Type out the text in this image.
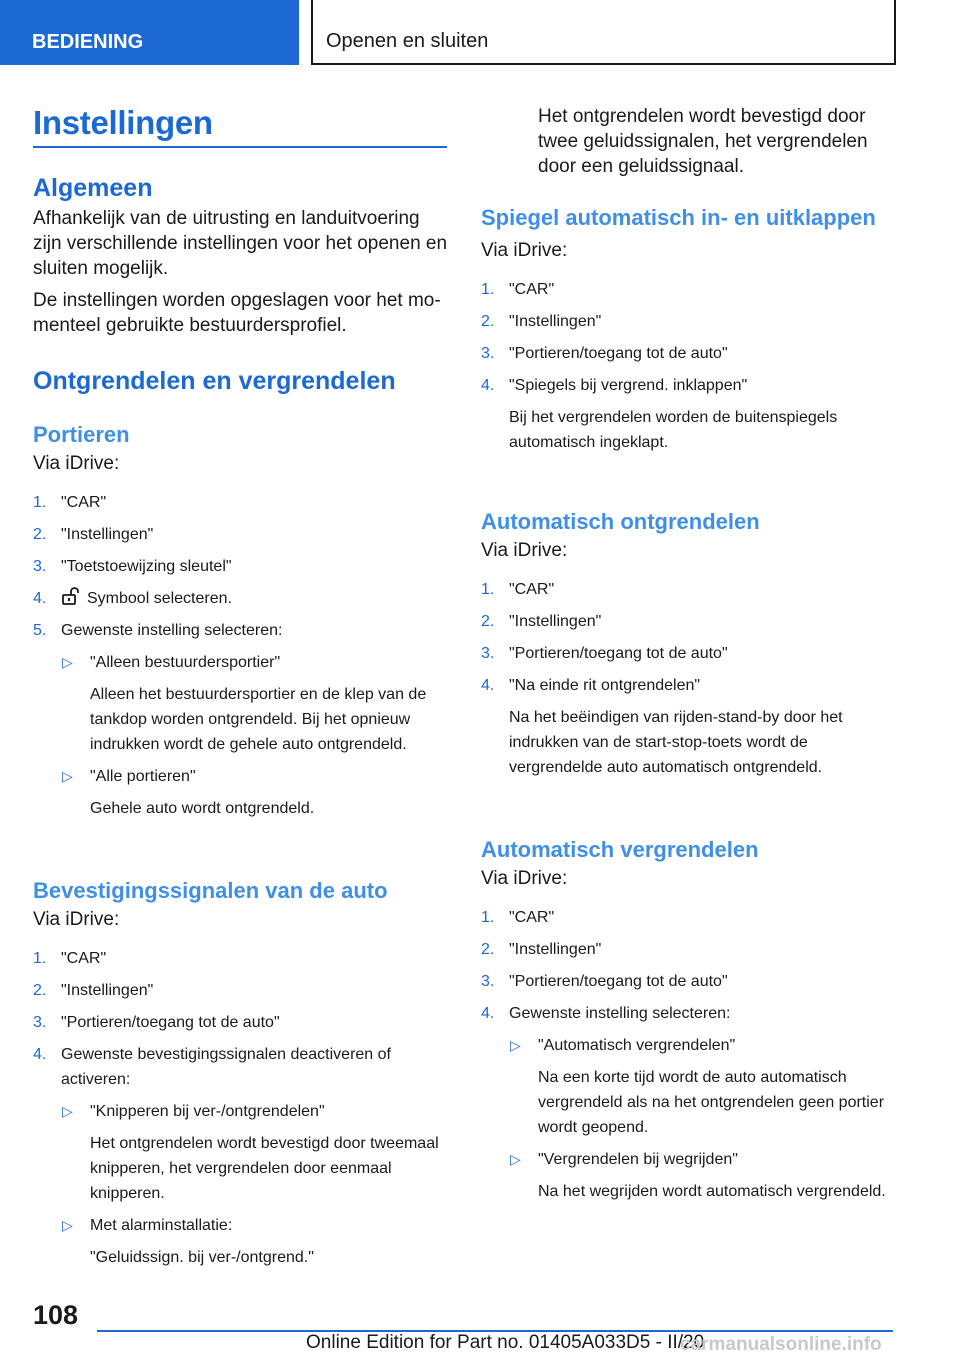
BEDIENING	Openen en sluiten
Instellingen
Algemeen
Afhankelijk van de uitrusting en landuitvoering zijn verschillende instellingen voor het openen en sluiten mogelijk.
De instellingen worden opgeslagen voor het momenteel gebruikte bestuurdersprofiel.
Ontgrendelen en vergrendelen
Portieren
Via iDrive:
1. "CAR"
2. "Instellingen"
3. "Toetstoewijzing sleutel"
4.	Symbool selecteren.
5. Gewenste instelling selecteren:
▷ "Alleen bestuurdersportier"
Alleen het bestuurdersportier en de klep van de tankdop worden ontgrendeld. Bij het opnieuw indrukken wordt de gehele auto ontgrendeld.
▷ "Alle portieren"
Gehele auto wordt ontgrendeld.
Bevestigingssignalen van de auto
Via iDrive:
1. "CAR"
2. "Instellingen"
3. "Portieren/toegang tot de auto"
4. Gewenste bevestigingssignalen deactiveren of activeren:
▷ "Knipperen bij ver-/ontgrendelen"
Het ontgrendelen wordt bevestigd door tweemaal knipperen, het vergrendelen door eenmaal knipperen.
▷ Met alarminstallatie:
"Geluidssign. bij ver-/ontgrend."
Het ontgrendelen wordt bevestigd door twee geluidssignalen, het vergrendelen door een geluidssignaal.
Spiegel automatisch in- en uitklappen
Via iDrive:
1. "CAR"
2. "Instellingen"
3. "Portieren/toegang tot de auto"
4. "Spiegels bij vergrend. inklappen"
Bij het vergrendelen worden de buitenspiegels automatisch ingeklapt.
Automatisch ontgrendelen
Via iDrive:
1. "CAR"
2. "Instellingen"
3. "Portieren/toegang tot de auto"
4. "Na einde rit ontgrendelen"
Na het beëindigen van rijden-stand-by door het indrukken van de start-stop-toets wordt de vergrendelde auto automatisch ontgrendeld.
Automatisch vergrendelen
Via iDrive:
1. "CAR"
2. "Instellingen"
3. "Portieren/toegang tot de auto"
4. Gewenste instelling selecteren:
▷ "Automatisch vergrendelen"
Na een korte tijd wordt de auto automatisch vergrendeld als na het ontgrendelen geen portier wordt geopend.
▷ "Vergrendelen bij wegrijden"
Na het wegrijden wordt automatisch vergrendeld.
108
Online Edition for Part no. 01405A033D5 - II/20
carmanualsonline.info
